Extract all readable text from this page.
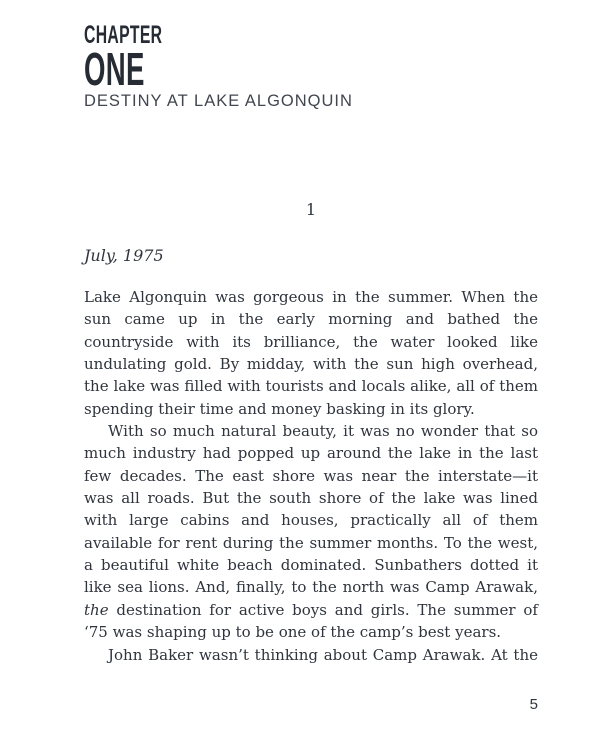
CHAPTER
ONE
DESTINY AT LAKE ALGONQUIN
1
July, 1975

Lake Algonquin was gorgeous in the summer. When the sun came up in the early morning and bathed the countryside with its brilliance, the water looked like undulating gold. By midday, with the sun high overhead, the lake was filled with tourists and locals alike, all of them spending their time and money basking in its glory.

With so much natural beauty, it was no wonder that so much industry had popped up around the lake in the last few decades. The east shore was near the interstate—it was all roads. But the south shore of the lake was lined with large cabins and houses, practically all of them available for rent during the summer months. To the west, a beautiful white beach dominated. Sunbathers dotted it like sea lions. And, finally, to the north was Camp Arawak, the destination for active boys and girls. The summer of ‘75 was shaping up to be one of the camp’s best years.

John Baker wasn’t thinking about Camp Arawak. At the

5
